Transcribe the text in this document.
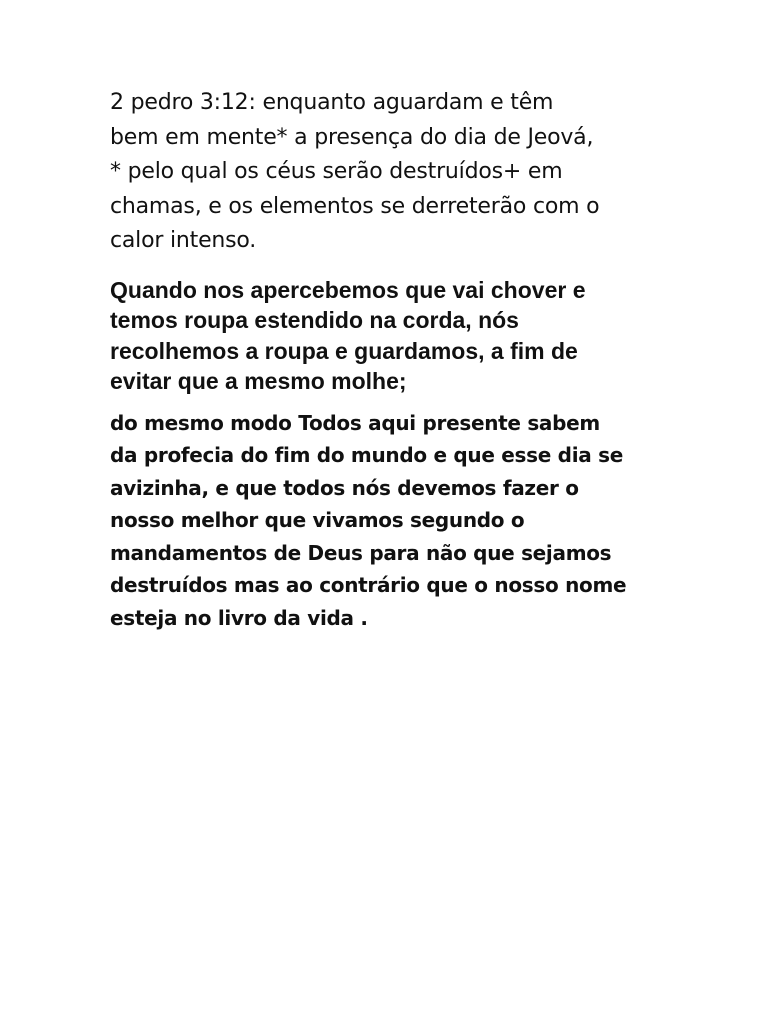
2 pedro 3:12: enquanto aguardam e têm
bem em mente* a presença do dia de Jeová,
* pelo qual os céus serão destruídos+ em
chamas, e os elementos se derreterão com o
calor intenso.

Quando nos apercebemos que vai chover e
temos roupa estendido na corda, nós
recolhemos a roupa e guardamos, a fim de
evitar que a mesmo molhe;

do mesmo modo Todos aqui presente sabem
da profecia do fim do mundo e que esse dia se
avizinha, e que todos nós devemos fazer o
nosso melhor que vivamos segundo o
mandamentos de Deus para não que sejamos
destruídos mas ao contrário que o nosso nome
esteja no livro da vida .
